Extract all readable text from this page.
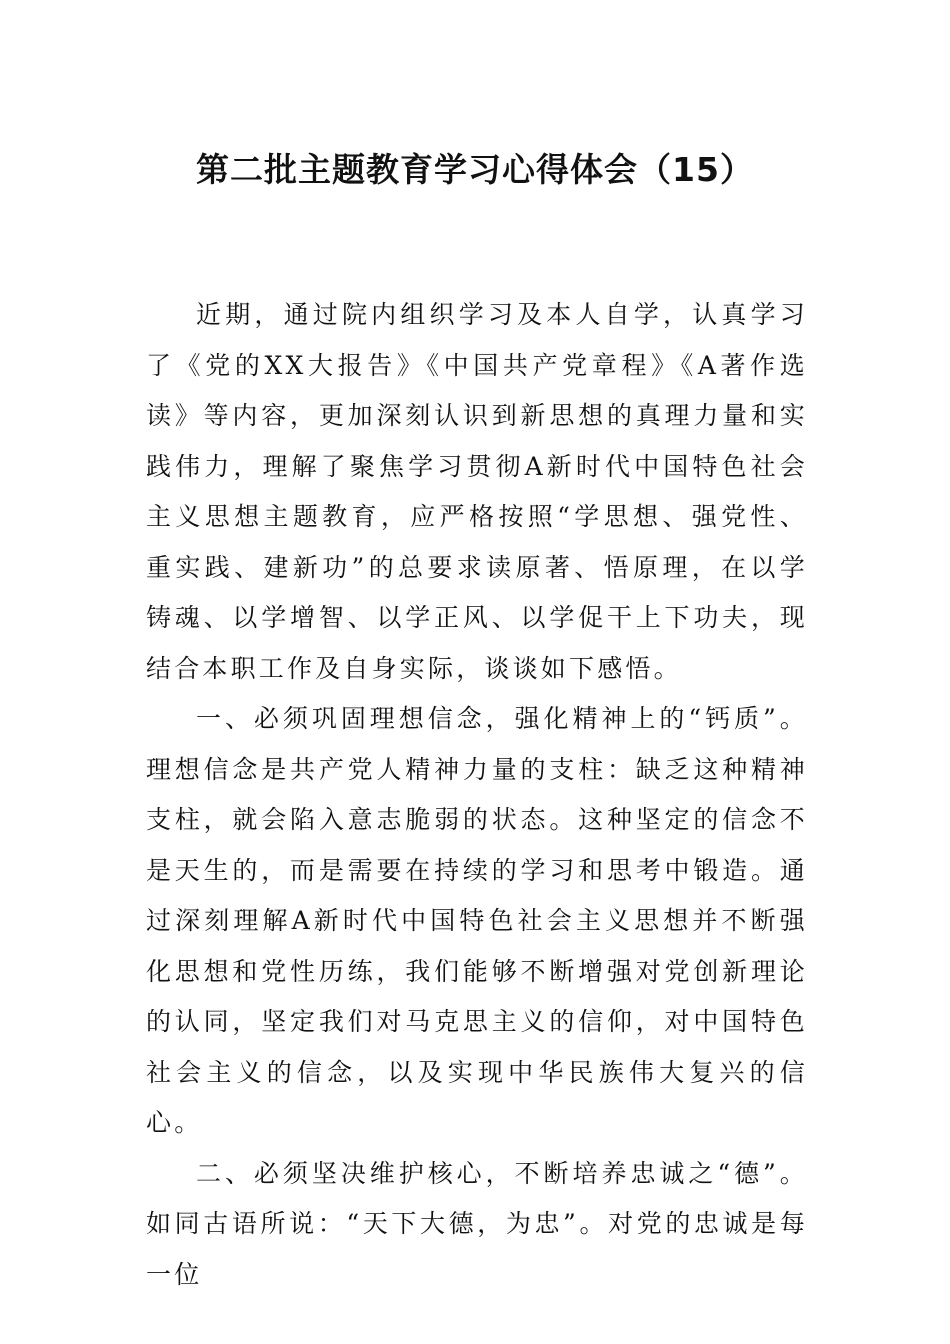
第二批主题教育学习心得体会（15）

近期，通过院内组织学习及本人自学，认真学习了《党的XX大报告》《中国共产党章程》《A著作选读》等内容，更加深刻认识到新思想的真理力量和实践伟力，理解了聚焦学习贯彻A新时代中国特色社会主义思想主题教育，应严格按照“学思想、强党性、重实践、建新功”的总要求读原著、悟原理，在以学铸魂、以学增智、以学正风、以学促干上下功夫，现结合本职工作及自身实际，谈谈如下感悟。

一、必须巩固理想信念，强化精神上的“钙质”。理想信念是共产党人精神力量的支柱：缺乏这种精神支柱，就会陷入意志脆弱的状态。这种坚定的信念不是天生的，而是需要在持续的学习和思考中锻造。通过深刻理解A新时代中国特色社会主义思想并不断强化思想和党性历练，我们能够不断增强对党创新理论的认同，坚定我们对马克思主义的信仰，对中国特色社会主义的信念，以及实现中华民族伟大复兴的信心。

二、必须坚决维护核心，不断培养忠诚之“德”。如同古语所说：“天下大德，为忠”。对党的忠诚是每一位
